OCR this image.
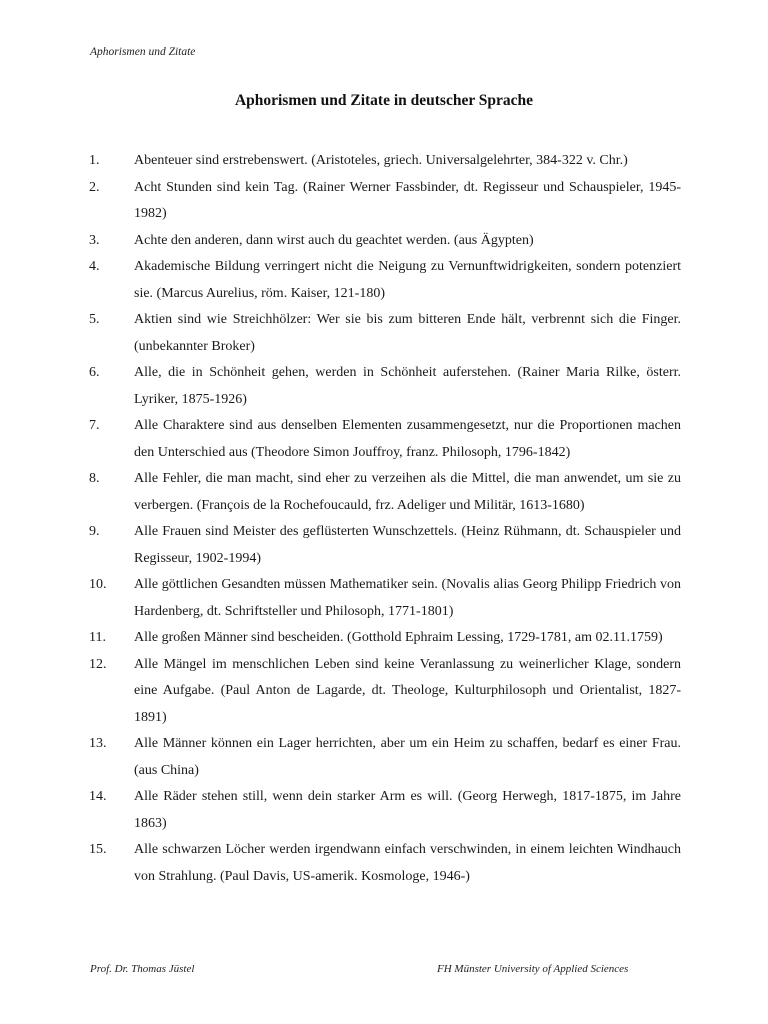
Aphorismen und Zitate
Aphorismen und Zitate in deutscher Sprache
1.	Abenteuer sind erstrebenswert. (Aristoteles, griech. Universalgelehrter, 384-322 v. Chr.)
2.	Acht Stunden sind kein Tag. (Rainer Werner Fassbinder, dt. Regisseur und Schauspieler, 1945-1982)
3.	Achte den anderen, dann wirst auch du geachtet werden. (aus Ägypten)
4.	Akademische Bildung verringert nicht die Neigung zu Vernunftwidrigkeiten, sondern potenziert sie. (Marcus Aurelius, röm. Kaiser, 121-180)
5.	Aktien sind wie Streichhölzer: Wer sie bis zum bitteren Ende hält, verbrennt sich die Finger. (unbekannter Broker)
6.	Alle, die in Schönheit gehen, werden in Schönheit auferstehen. (Rainer Maria Rilke, österr. Lyriker, 1875-1926)
7.	Alle Charaktere sind aus denselben Elementen zusammengesetzt, nur die Proportionen machen den Unterschied aus (Theodore Simon Jouffroy, franz. Philosoph, 1796-1842)
8.	Alle Fehler, die man macht, sind eher zu verzeihen als die Mittel, die man anwendet, um sie zu verbergen. (François de la Rochefoucauld, frz. Adeliger und Militär, 1613-1680)
9.	Alle Frauen sind Meister des geflüsterten Wunschzettels. (Heinz Rühmann, dt. Schauspieler und Regisseur, 1902-1994)
10.	Alle göttlichen Gesandten müssen Mathematiker sein. (Novalis alias Georg Philipp Friedrich von Hardenberg, dt. Schriftsteller und Philosoph, 1771-1801)
11.	Alle großen Männer sind bescheiden. (Gotthold Ephraim Lessing, 1729-1781, am 02.11.1759)
12.	Alle Mängel im menschlichen Leben sind keine Veranlassung zu weinerlicher Klage, sondern eine Aufgabe. (Paul Anton de Lagarde, dt. Theologe, Kulturphilosoph und Orientalist, 1827-1891)
13.	Alle Männer können ein Lager herrichten, aber um ein Heim zu schaffen, bedarf es einer Frau. (aus China)
14.	Alle Räder stehen still, wenn dein starker Arm es will. (Georg Herwegh, 1817-1875, im Jahre 1863)
15.	Alle schwarzen Löcher werden irgendwann einfach verschwinden, in einem leichten Windhauch von Strahlung. (Paul Davis, US-amerik. Kosmologe, 1946-)
Prof. Dr. Thomas Jüstel	FH Münster University of Applied Sciences
